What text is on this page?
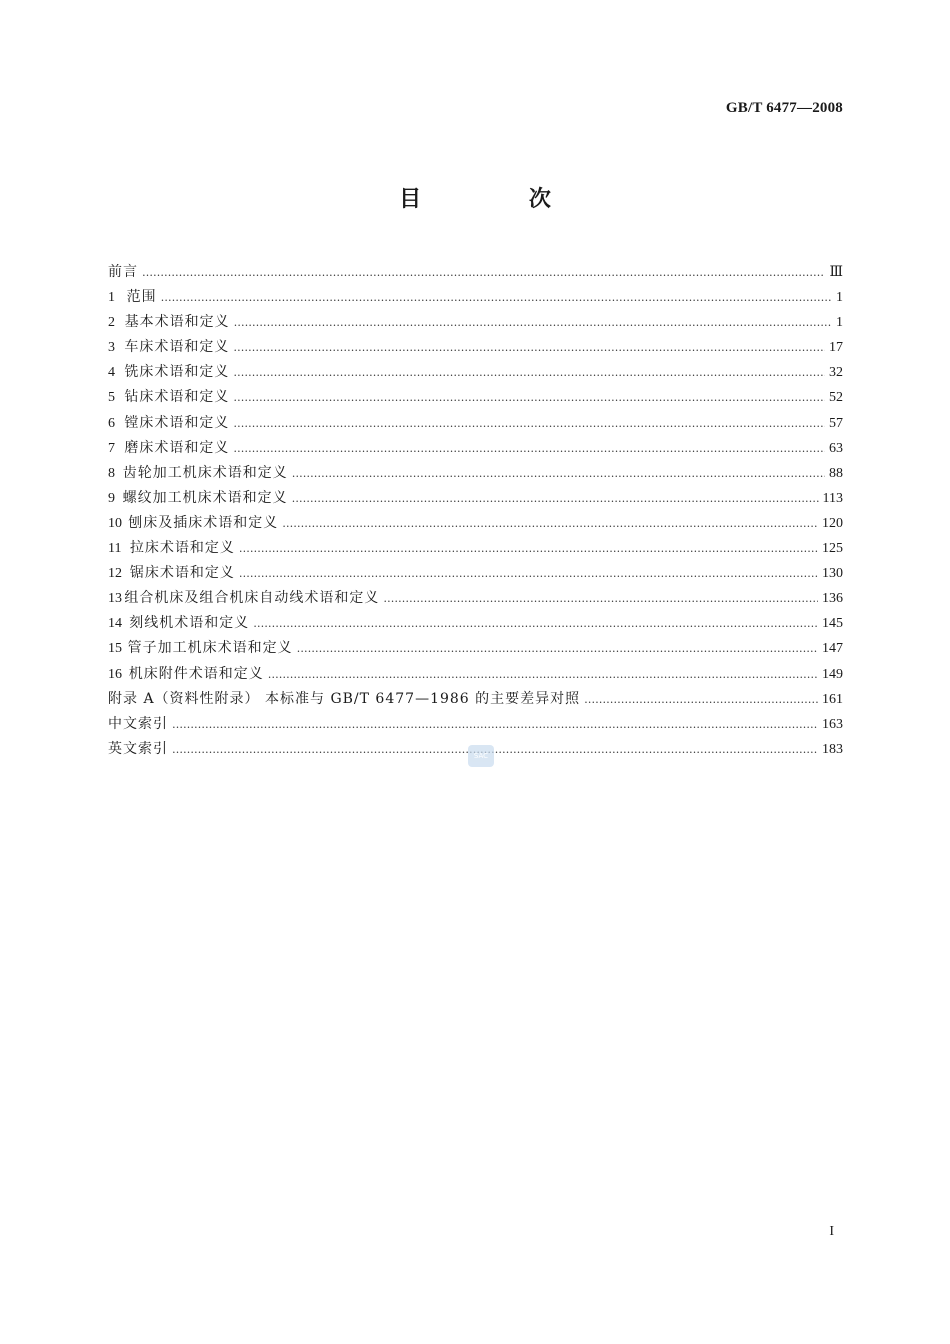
GB/T 6477—2008
目 次
前言 …………………………………………………………………………………………………………………………………………………………………………………………………………………………	Ⅲ
1 范围 …………………………………………………………………………………………………………………………………………………………………………………………………………………………	1
2 基本术语和定义 …………………………………………………………………………………………………………………………………………………………………………………………………………………………	1
3 车床术语和定义 …………………………………………………………………………………………………………………………………………………………………………………………………………………………	17
4 铣床术语和定义 …………………………………………………………………………………………………………………………………………………………………………………………………………………………	32
5 钻床术语和定义 …………………………………………………………………………………………………………………………………………………………………………………………………………………………	52
6 镗床术语和定义 …………………………………………………………………………………………………………………………………………………………………………………………………………………………	57
7 磨床术语和定义 …………………………………………………………………………………………………………………………………………………………………………………………………………………………	63
8 齿轮加工机床术语和定义 …………………………………………………………………………………………………………………………………………………………………………………………………………………………	88
9 螺纹加工机床术语和定义 …………………………………………………………………………………………………………………………………………………………………………………………………………………………	113
10 刨床及插床术语和定义 …………………………………………………………………………………………………………………………………………………………………………………………………………………………	120
11 拉床术语和定义 …………………………………………………………………………………………………………………………………………………………………………………………………………………………	125
12 锯床术语和定义 …………………………………………………………………………………………………………………………………………………………………………………………………………………………	130
13 组合机床及组合机床自动线术语和定义 …………………………………………………………………………………………………………………………………………………………………………………………………………………………	136
14 刻线机术语和定义 …………………………………………………………………………………………………………………………………………………………………………………………………………………………	145
15 管子加工机床术语和定义 …………………………………………………………………………………………………………………………………………………………………………………………………………………………	147
16 机床附件术语和定义 …………………………………………………………………………………………………………………………………………………………………………………………………………………………	149
附录 A（资料性附录） 本标准与 GB/T 6477—1986 的主要差异对照 …………………………………………………………………………………………………………………………………………………………………………………………………………………………	161
中文索引 …………………………………………………………………………………………………………………………………………………………………………………………………………………………	163
英文索引 …………………………………………………………………………………………………………………………………………………………………………………………………………………………	183
SAC
I
